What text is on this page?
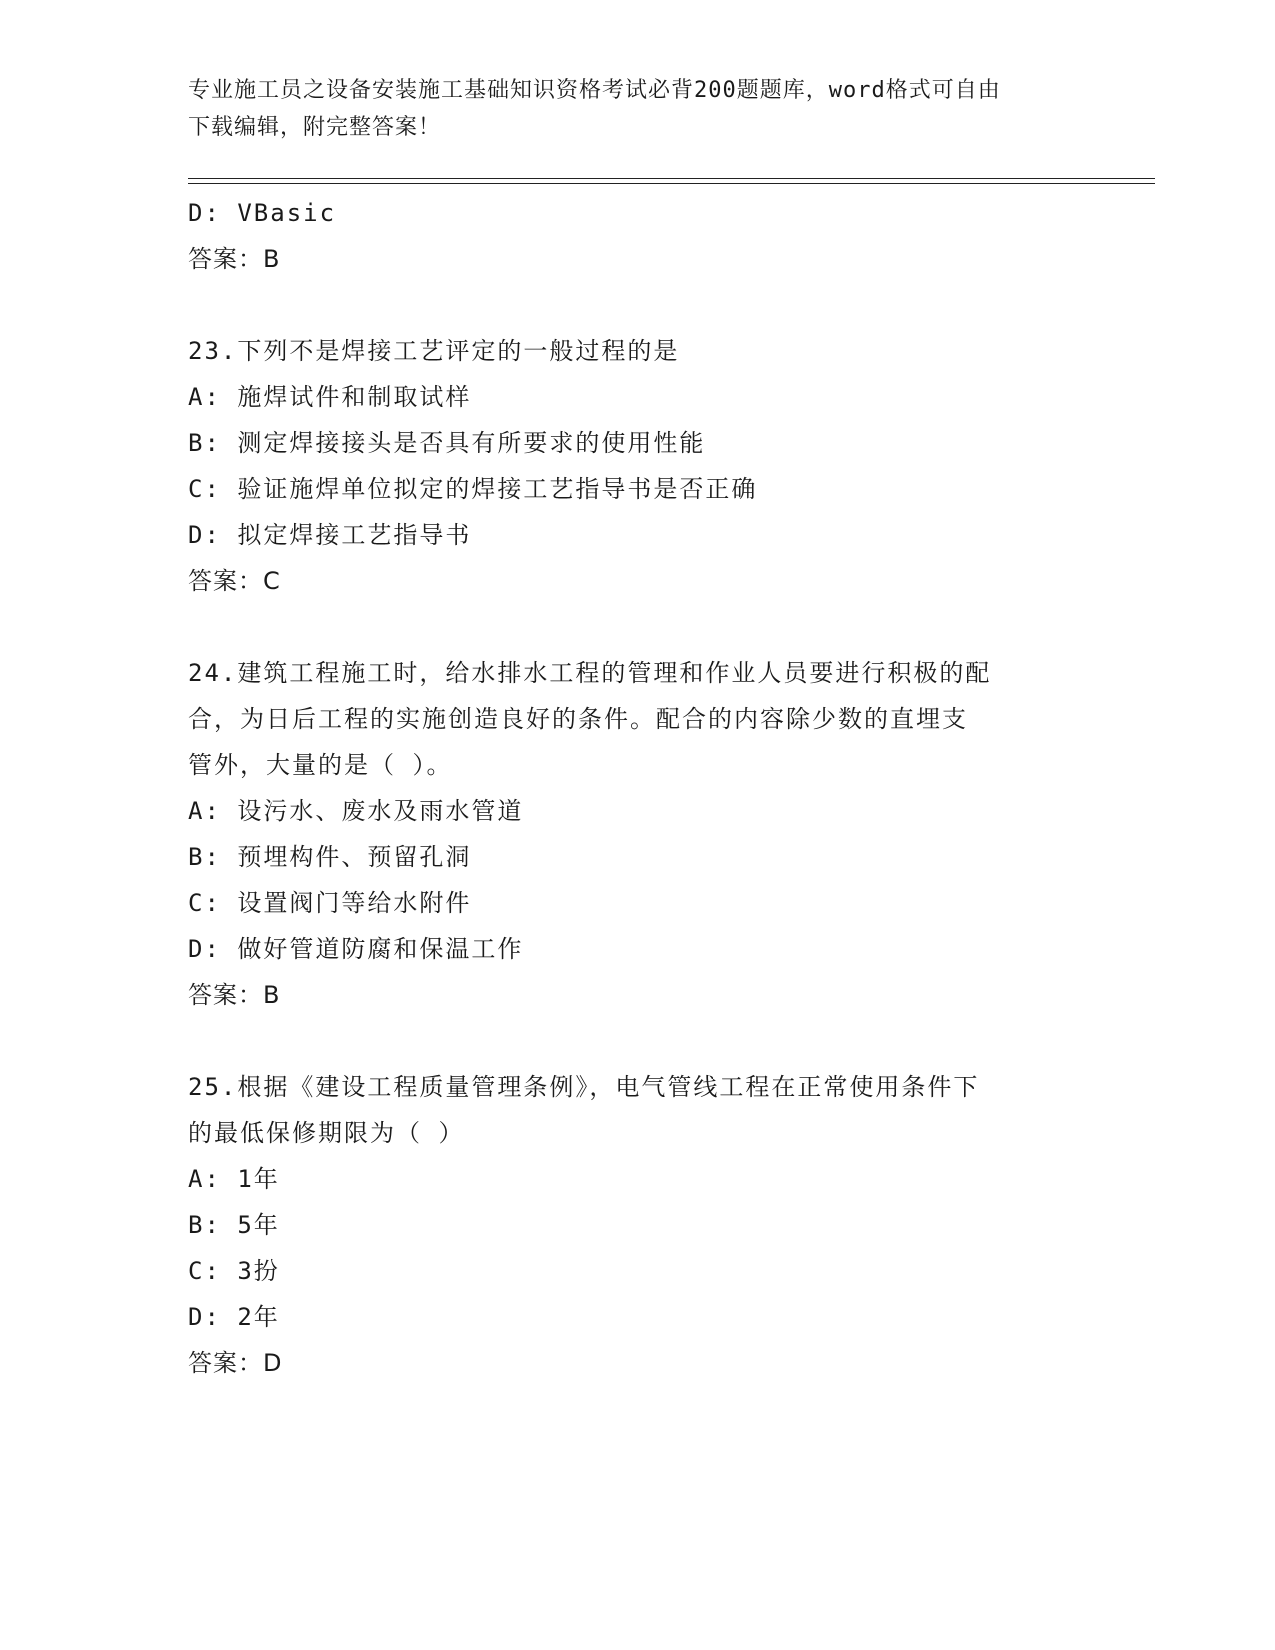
专业施工员之设备安装施工基础知识资格考试必背200题题库，word格式可自由
下载编辑，附完整答案！
D: VBasic
答案：B
23.下列不是焊接工艺评定的一般过程的是
A: 施焊试件和制取试样
B: 测定焊接接头是否具有所要求的使用性能
C: 验证施焊单位拟定的焊接工艺指导书是否正确
D: 拟定焊接工艺指导书
答案：C
24.建筑工程施工时，给水排水工程的管理和作业人员要进行积极的配
合，为日后工程的实施创造良好的条件。配合的内容除少数的直埋支
管外，大量的是（ ）。
A: 设污水、废水及雨水管道
B: 预埋构件、预留孔洞
C: 设置阀门等给水附件
D: 做好管道防腐和保温工作
答案：B
25.根据《建设工程质量管理条例》，电气管线工程在正常使用条件下
的最低保修期限为（ ）
A: 1年
B: 5年
C: 3扮
D: 2年
答案：D
